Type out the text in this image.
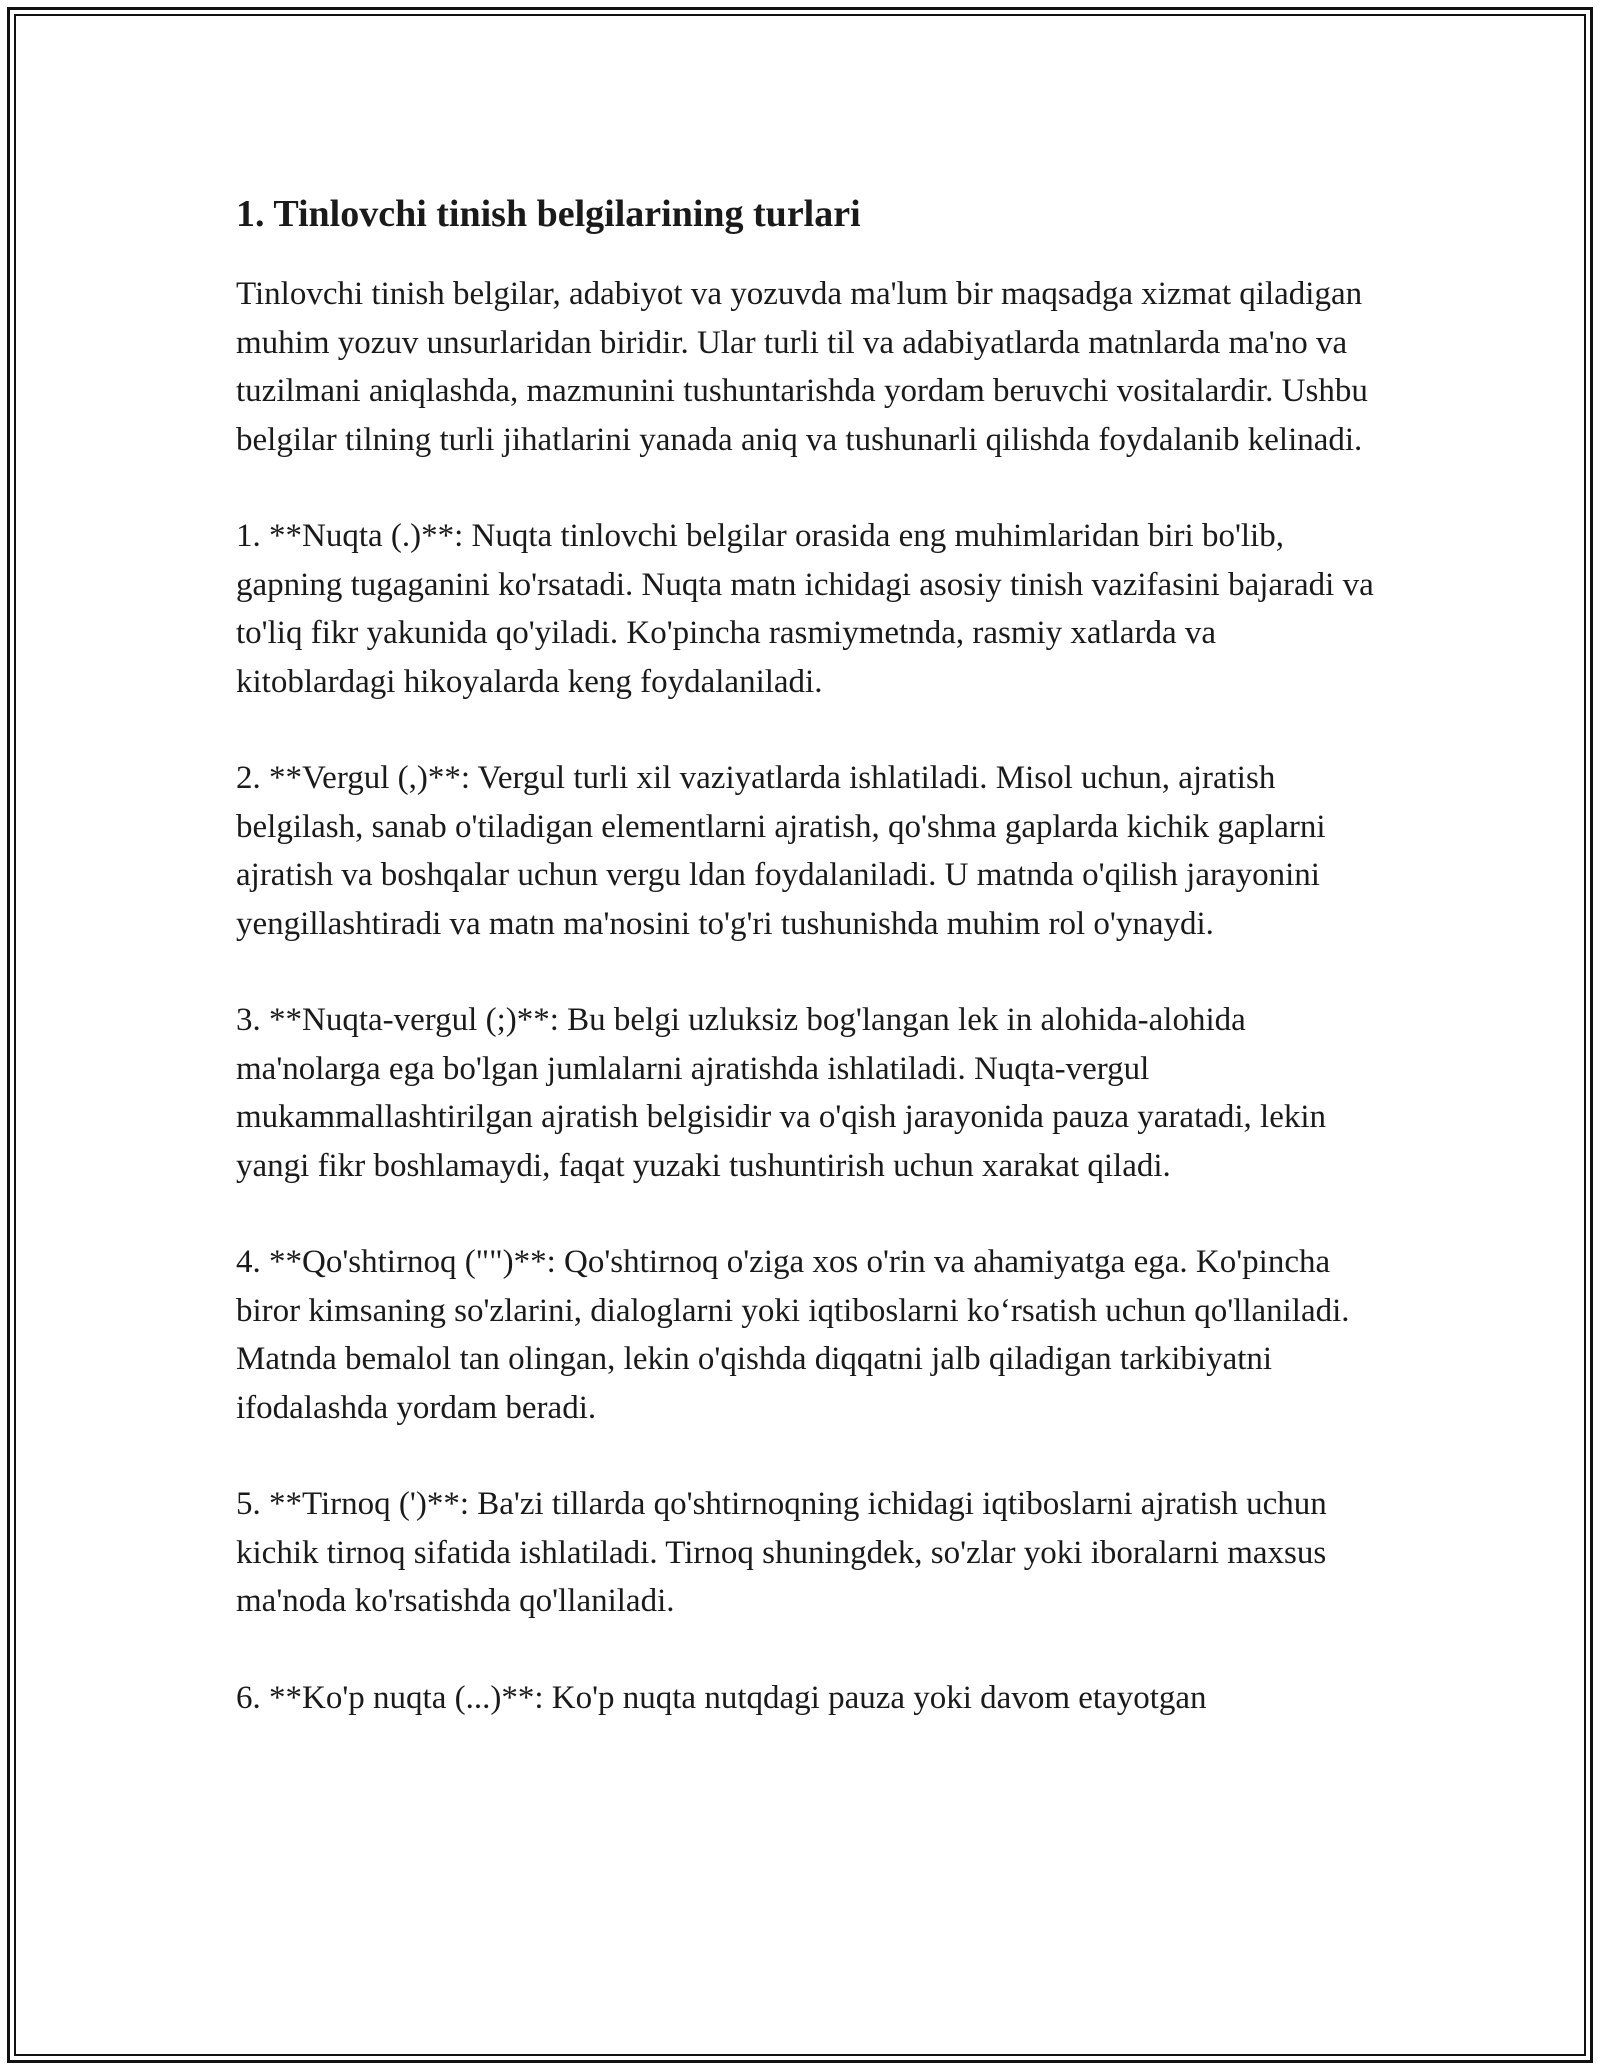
1. Tinlovchi tinish belgilarining turlari

Tinlovchi tinish belgilar, adabiyot va yozuvda ma'lum bir maqsadga xizmat qiladigan muhim yozuv unsurlaridan biridir. Ular turli til va adabiyatlarda matnlarda ma'no va tuzilmani aniqlashda, mazmunini tushuntarishda yordam beruvchi vositalardir. Ushbu belgilar tilning turli jihatlarini yanada aniq va tushunarli qilishda foydalanib kelinadi.

1. **Nuqta (.)**: Nuqta tinlovchi belgilar orasida eng muhimlaridan biri bo'lib, gapning tugaganini ko'rsatadi. Nuqta matn ichidagi asosiy tinish vazifasini bajaradi va to'liq fikr yakunida qo'yiladi. Ko'pincha rasmiymetnda, rasmiy xatlarda va kitoblardagi hikoyalarda keng foydalaniladi.

2. **Vergul (,)**: Vergul turli xil vaziyatlarda ishlatiladi. Misol uchun, ajratish belgilash, sanab o'tiladigan elementlarni ajratish, qo'shma gaplarda kichik gaplarni ajratish va boshqalar uchun vergu ldan foydalaniladi. U matnda o'qilish jarayonini yengillashtiradi va matn ma'nosini to'g'ri tushunishda muhim rol o'ynaydi.

3. **Nuqta-vergul (;)**: Bu belgi uzluksiz bog'langan lek in alohida-alohida ma'nolarga ega bo'lgan jumlalarni ajratishda ishlatiladi. Nuqta-vergul mukammallashtirilgan ajratish belgisidir va o'qish jarayonida pauza yaratadi, lekin yangi fikr boshlamaydi, faqat yuzaki tushuntirish uchun xarakat qiladi.

4. **Qo'shtirnoq ("")**: Qo'shtirnoq o'ziga xos o'rin va ahamiyatga ega. Ko'pincha biror kimsaning so'zlarini, dialoglarni yoki iqtiboslarni ko‘rsatish uchun qo'llaniladi. Matnda bemalol tan olingan, lekin o'qishda diqqatni jalb qiladigan tarkibiyatni ifodalashda yordam beradi.

5. **Tirnoq (')**: Ba'zi tillarda qo'shtirnoqning ichidagi iqtiboslarni ajratish uchun kichik tirnoq sifatida ishlatiladi. Tirnoq shuningdek, so'zlar yoki iboralarni maxsus ma'noda ko'rsatishda qo'llaniladi.

6. **Ko'p nuqta (...)**: Ko'p nuqta nutqdagi pauza yoki davom etayotgan
